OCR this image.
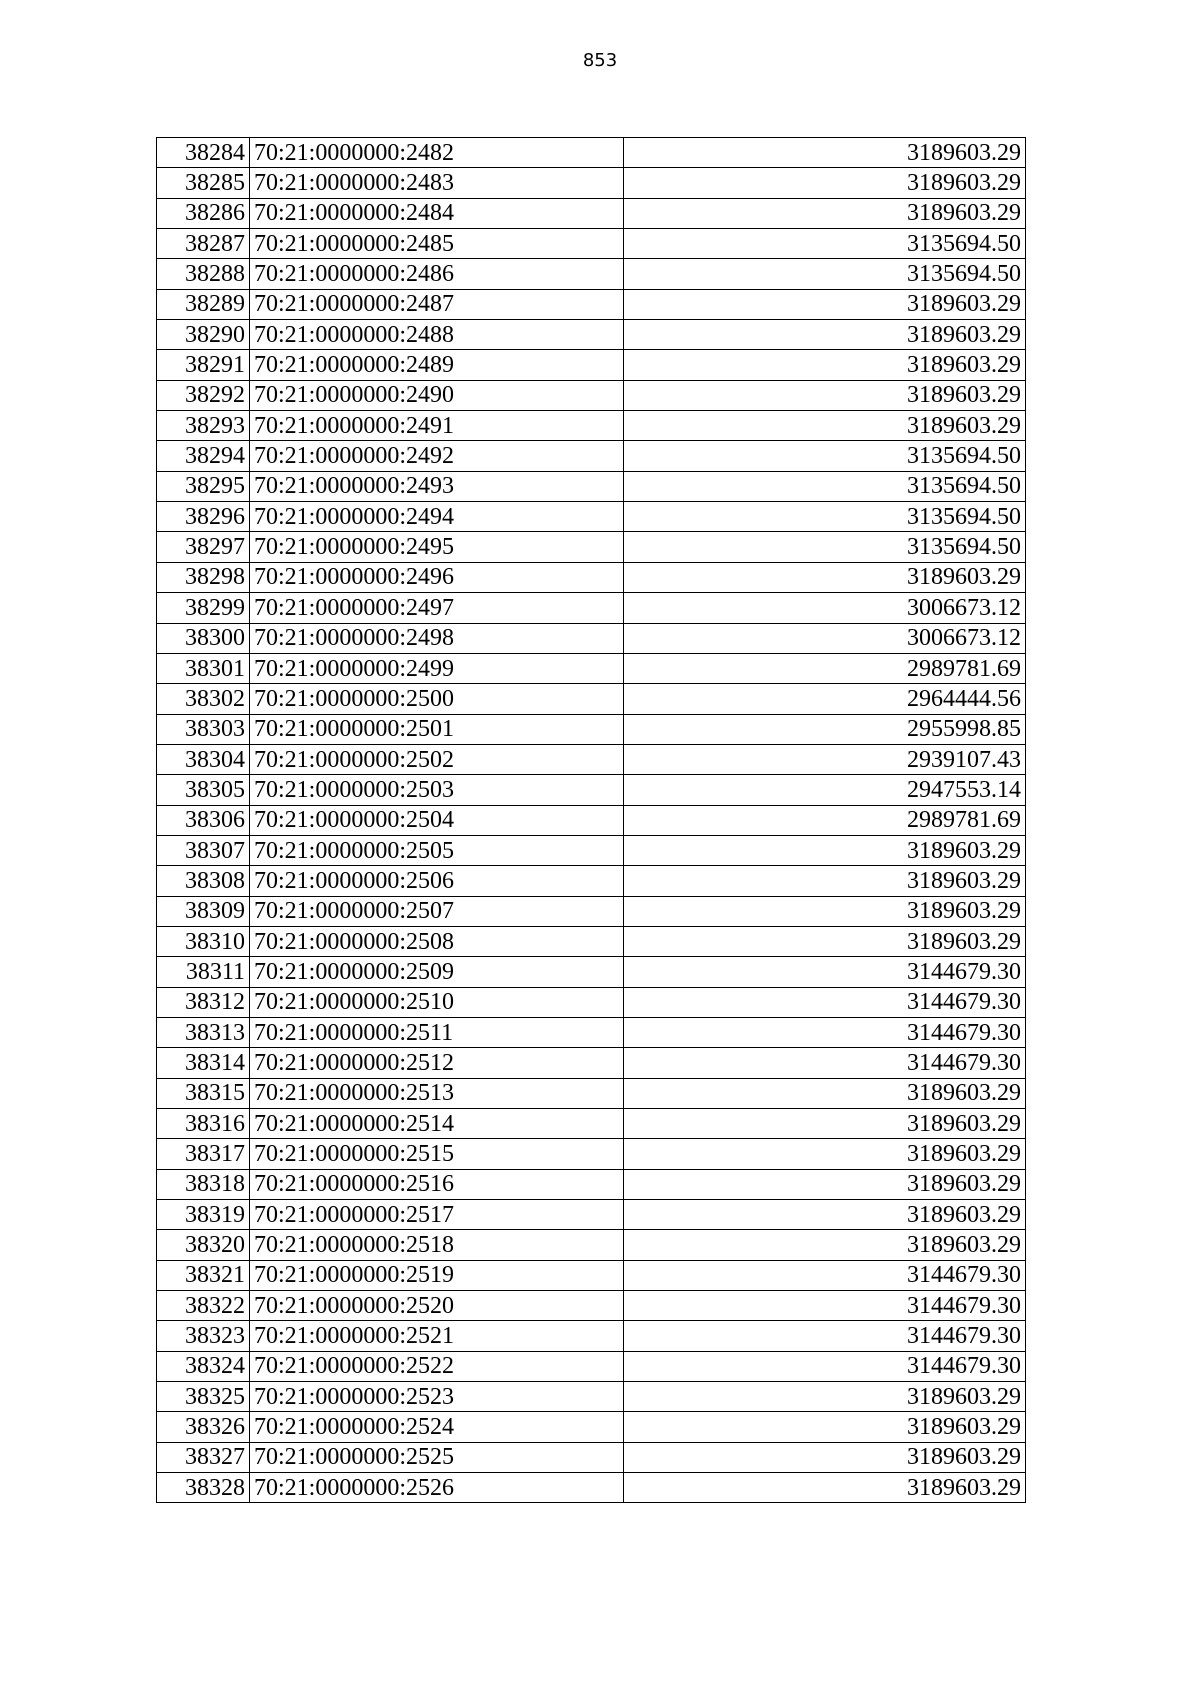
853
38284	70:21:0000000:2482	3189603.29
38285	70:21:0000000:2483	3189603.29
38286	70:21:0000000:2484	3189603.29
38287	70:21:0000000:2485	3135694.50
38288	70:21:0000000:2486	3135694.50
38289	70:21:0000000:2487	3189603.29
38290	70:21:0000000:2488	3189603.29
38291	70:21:0000000:2489	3189603.29
38292	70:21:0000000:2490	3189603.29
38293	70:21:0000000:2491	3189603.29
38294	70:21:0000000:2492	3135694.50
38295	70:21:0000000:2493	3135694.50
38296	70:21:0000000:2494	3135694.50
38297	70:21:0000000:2495	3135694.50
38298	70:21:0000000:2496	3189603.29
38299	70:21:0000000:2497	3006673.12
38300	70:21:0000000:2498	3006673.12
38301	70:21:0000000:2499	2989781.69
38302	70:21:0000000:2500	2964444.56
38303	70:21:0000000:2501	2955998.85
38304	70:21:0000000:2502	2939107.43
38305	70:21:0000000:2503	2947553.14
38306	70:21:0000000:2504	2989781.69
38307	70:21:0000000:2505	3189603.29
38308	70:21:0000000:2506	3189603.29
38309	70:21:0000000:2507	3189603.29
38310	70:21:0000000:2508	3189603.29
38311	70:21:0000000:2509	3144679.30
38312	70:21:0000000:2510	3144679.30
38313	70:21:0000000:2511	3144679.30
38314	70:21:0000000:2512	3144679.30
38315	70:21:0000000:2513	3189603.29
38316	70:21:0000000:2514	3189603.29
38317	70:21:0000000:2515	3189603.29
38318	70:21:0000000:2516	3189603.29
38319	70:21:0000000:2517	3189603.29
38320	70:21:0000000:2518	3189603.29
38321	70:21:0000000:2519	3144679.30
38322	70:21:0000000:2520	3144679.30
38323	70:21:0000000:2521	3144679.30
38324	70:21:0000000:2522	3144679.30
38325	70:21:0000000:2523	3189603.29
38326	70:21:0000000:2524	3189603.29
38327	70:21:0000000:2525	3189603.29
38328	70:21:0000000:2526	3189603.29
